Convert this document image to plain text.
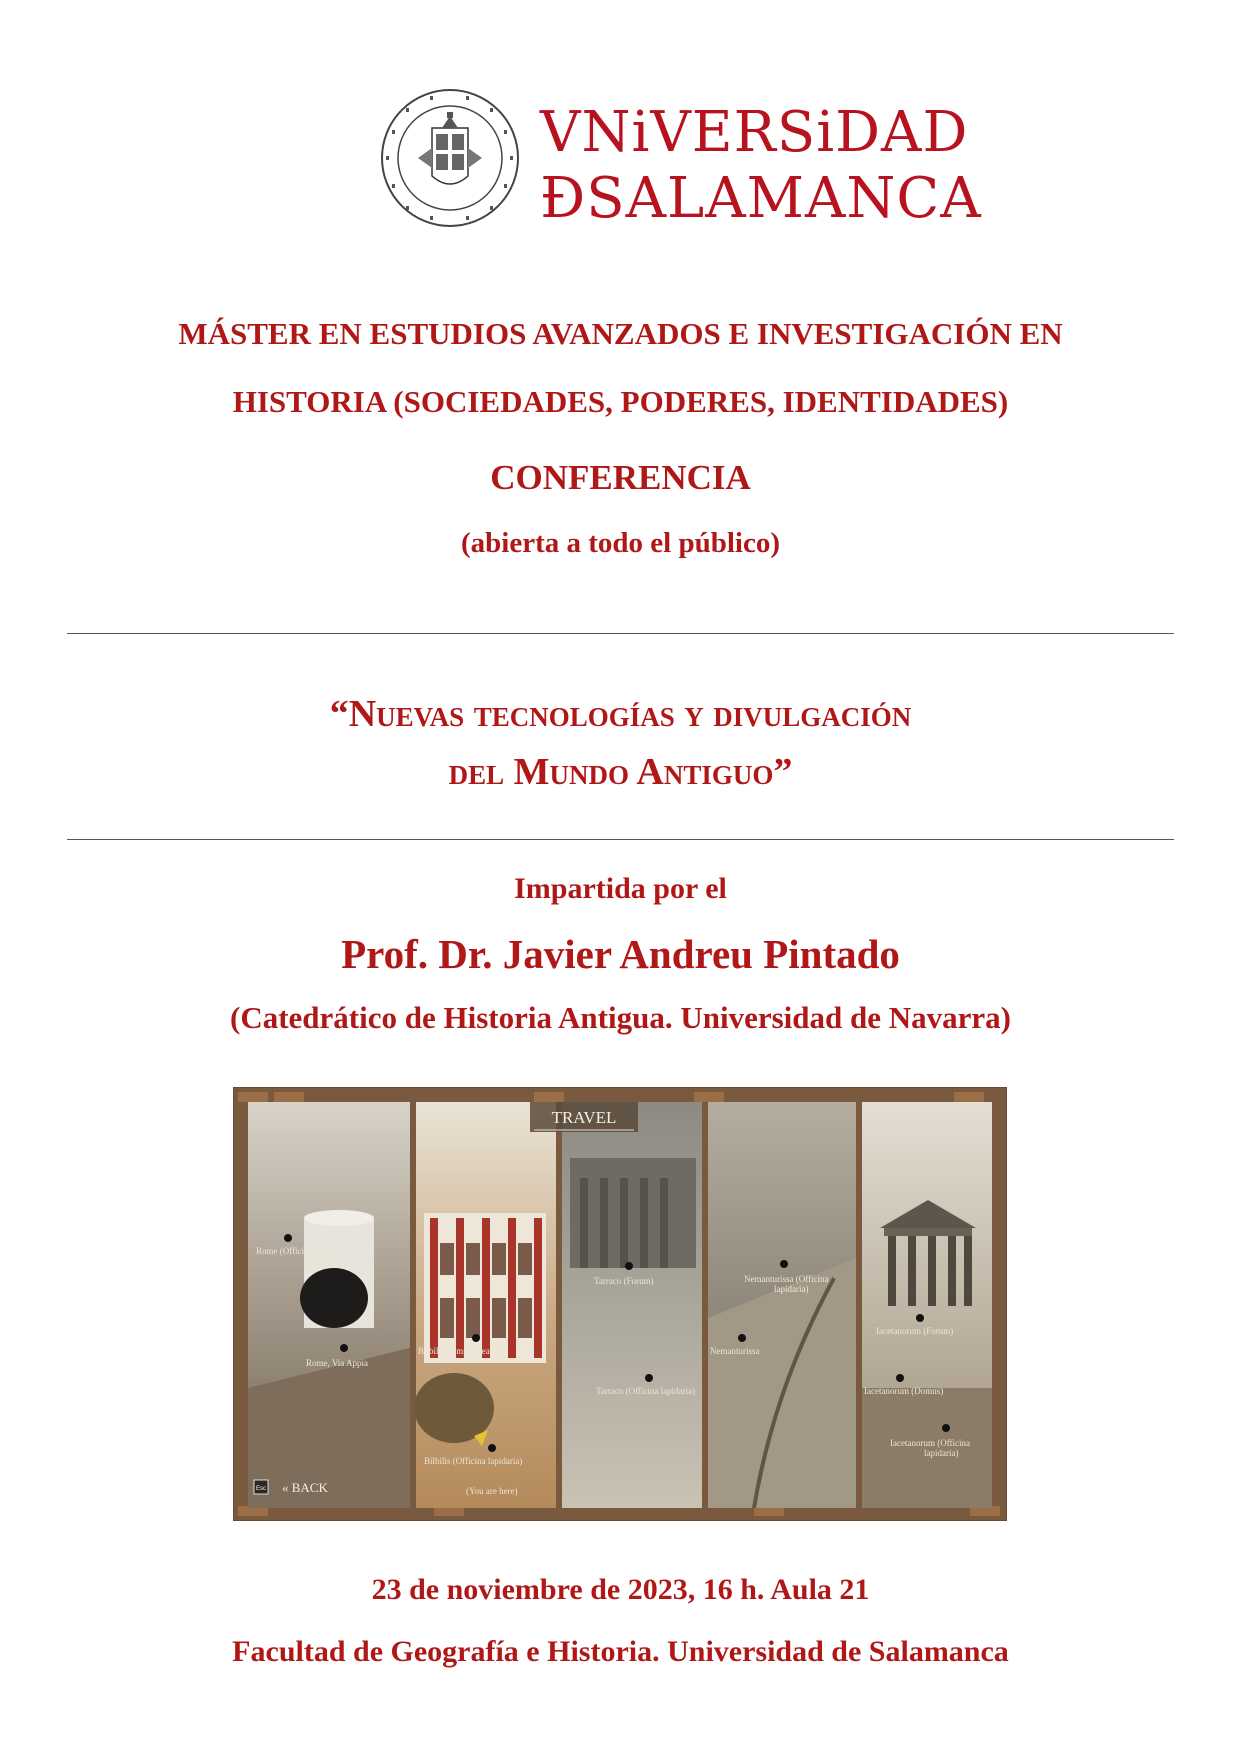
VNiVERSiDAD
ÐSALAMANCA
MÁSTER EN ESTUDIOS AVANZADOS E INVESTIGACIÓN EN
HISTORIA (SOCIEDADES, PODERES, IDENTIDADES)
CONFERENCIA
(abierta a todo el público)
“Nuevas tecnologías y divulgación
del Mundo Antiguo”
Impartida por el
Prof. Dr. Javier Andreu Pintado
(Catedrático de Historia Antigua. Universidad de Navarra)
TRAVEL
Rome (Officina lapidaria)
Rome, Via Appia
Bilbilis (Amphitheatre)
Bilbilis (Officina lapidaria)
(You are here)
Tarraco (Forum)
Tarraco (Officina lapidaria)
Nemanturissa (Officina
lapidaria)
Nemanturissa
Iacetanorum (Forum)
Iacetanorum (Domus)
Iacetanorum (Officina
lapidaria)
Esc « BACK
23 de noviembre de 2023, 16 h. Aula 21
Facultad de Geografía e Historia. Universidad de Salamanca
